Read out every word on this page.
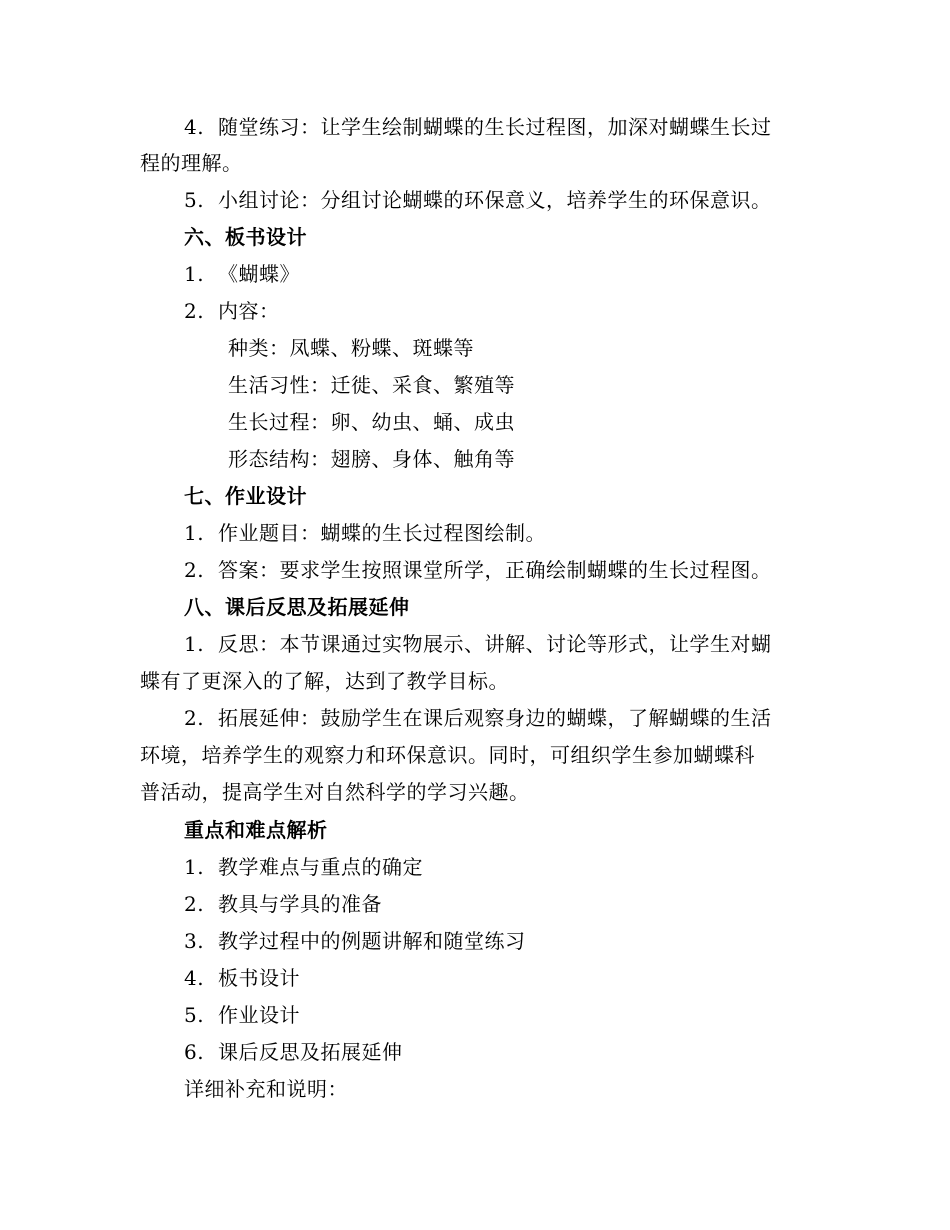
4. 随堂练习：让学生绘制蝴蝶的生长过程图，加深对蝴蝶生长过
程的理解。
5. 小组讨论：分组讨论蝴蝶的环保意义，培养学生的环保意识。
六、板书设计
1. 《蝴蝶》
2. 内容：
种类：凤蝶、粉蝶、斑蝶等
生活习性：迁徙、采食、繁殖等
生长过程：卵、幼虫、蛹、成虫
形态结构：翅膀、身体、触角等
七、作业设计
1. 作业题目：蝴蝶的生长过程图绘制。
2. 答案：要求学生按照课堂所学，正确绘制蝴蝶的生长过程图。
八、课后反思及拓展延伸
1. 反思：本节课通过实物展示、讲解、讨论等形式，让学生对蝴
蝶有了更深入的了解，达到了教学目标。
2. 拓展延伸：鼓励学生在课后观察身边的蝴蝶，了解蝴蝶的生活
环境，培养学生的观察力和环保意识。同时，可组织学生参加蝴蝶科
普活动，提高学生对自然科学的学习兴趣。
重点和难点解析
1. 教学难点与重点的确定
2. 教具与学具的准备
3. 教学过程中的例题讲解和随堂练习
4. 板书设计
5. 作业设计
6. 课后反思及拓展延伸
详细补充和说明：
